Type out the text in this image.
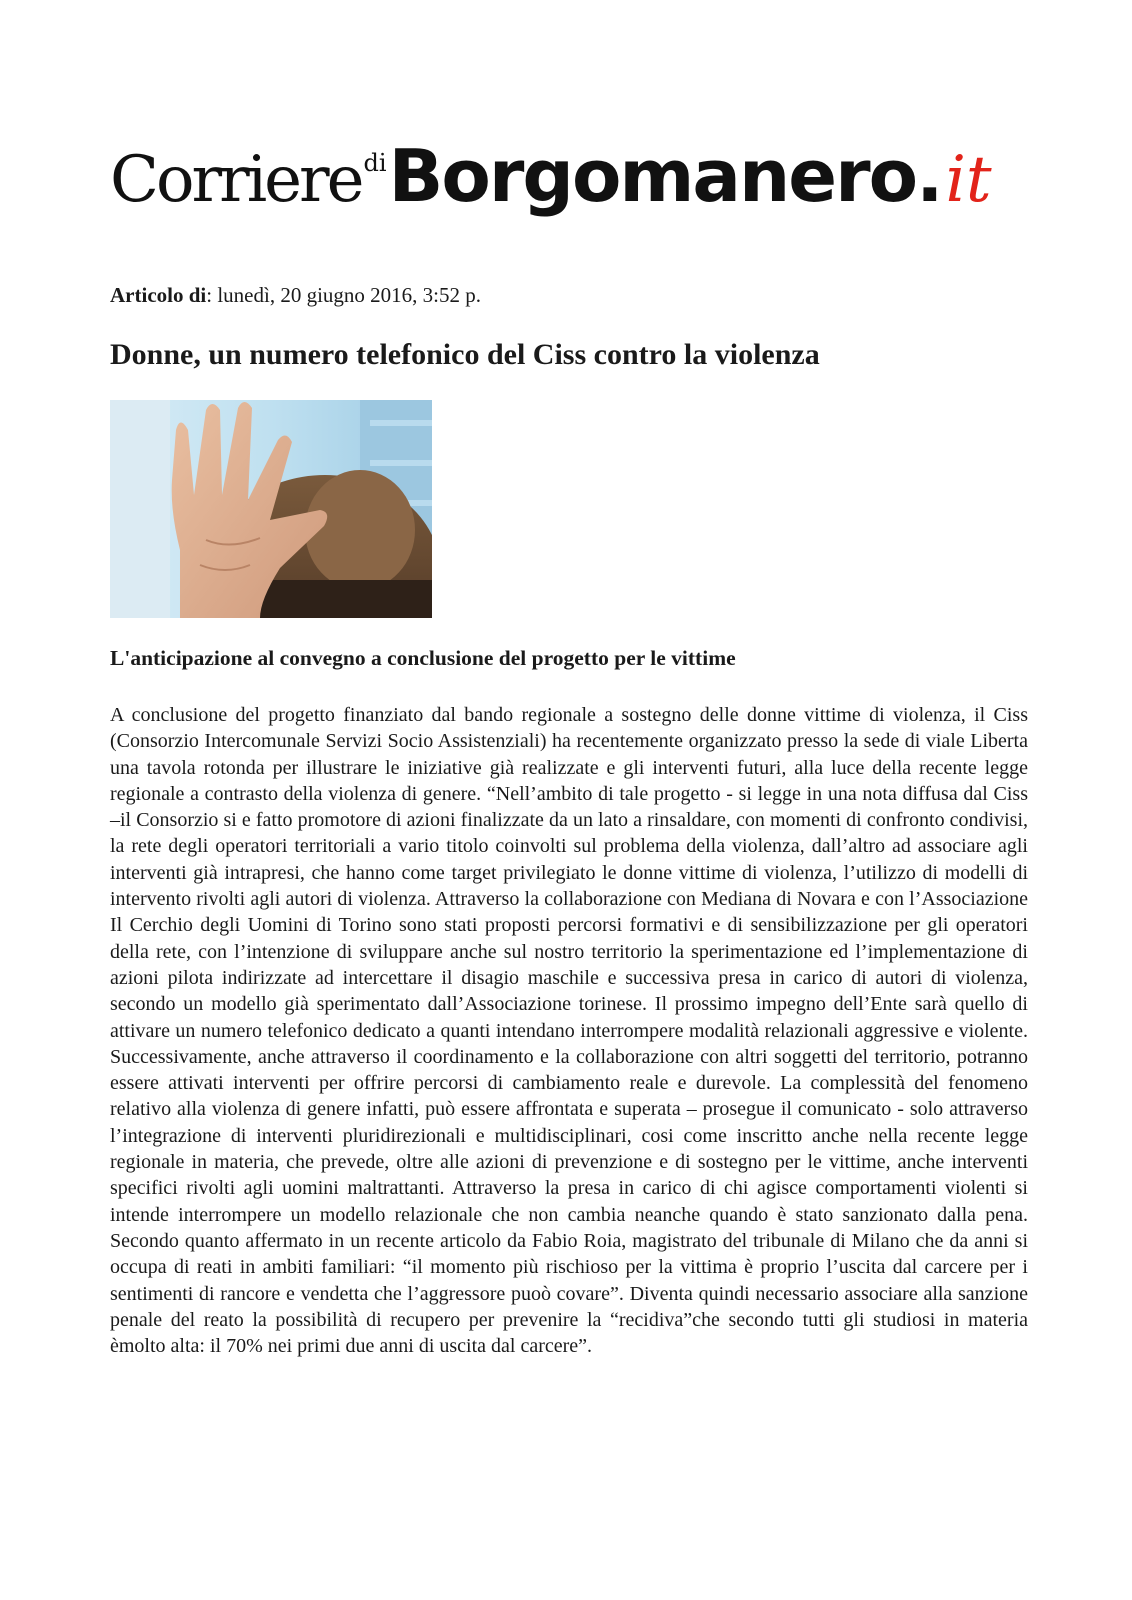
CorrierediBorgomanero.it
Articolo di: lunedì, 20 giugno 2016, 3:52 p.
Donne, un numero telefonico del Ciss contro la violenza
L'anticipazione al convegno a conclusione del progetto per le vittime

A conclusione del progetto finanziato dal bando regionale a sostegno delle donne vittime di violenza, il Ciss (Consorzio Intercomunale Servizi Socio Assistenziali) ha recentemente organizzato presso la sede di viale Liberta una tavola rotonda per illustrare le iniziative già realizzate e gli interventi futuri, alla luce della recente legge regionale a contrasto della violenza di genere. “Nell’ambito di tale progetto - si legge in una nota diffusa dal Ciss –il Consorzio si e fatto promotore di azioni finalizzate da un lato a rinsaldare, con momenti di confronto condivisi, la rete degli operatori territoriali a vario titolo coinvolti sul problema della violenza, dall’altro ad associare agli interventi già intrapresi, che hanno come target privilegiato le donne vittime di violenza, l’utilizzo di modelli di intervento rivolti agli autori di violenza. Attraverso la collaborazione con Mediana di Novara e con l’Associazione Il Cerchio degli Uomini di Torino sono stati proposti percorsi formativi e di sensibilizzazione per gli operatori della rete, con l’intenzione di sviluppare anche sul nostro territorio la sperimentazione ed l’implementazione di azioni pilota indirizzate ad intercettare il disagio maschile e successiva presa in carico di autori di violenza, secondo un modello già sperimentato dall’Associazione torinese. Il prossimo impegno dell’Ente sarà quello di attivare un numero telefonico dedicato a quanti intendano interrompere modalità relazionali aggressive e violente. Successivamente, anche attraverso il coordinamento e la collaborazione con altri soggetti del territorio, potranno essere attivati interventi per offrire percorsi di cambiamento reale e durevole. La complessità del fenomeno relativo alla violenza di genere infatti, può essere affrontata e superata – prosegue il comunicato - solo attraverso l’integrazione di interventi pluridirezionali e multidisciplinari, cosi come inscritto anche nella recente legge regionale in materia, che prevede, oltre alle azioni di prevenzione e di sostegno per le vittime, anche interventi specifici rivolti agli uomini maltrattanti. Attraverso la presa in carico di chi agisce comportamenti violenti si intende interrompere un modello relazionale che non cambia neanche quando è stato sanzionato dalla pena. Secondo quanto affermato in un recente articolo da Fabio Roia, magistrato del tribunale di Milano che da anni si occupa di reati in ambiti familiari: “il momento più rischioso per la vittima è proprio l’uscita dal carcere per i sentimenti di rancore e vendetta che l’aggressore puoò covare”. Diventa quindi necessario associare alla sanzione penale del reato la possibilità di recupero per prevenire la “recidiva”che secondo tutti gli studiosi in materia èmolto alta: il 70% nei primi due anni di uscita dal carcere”.
